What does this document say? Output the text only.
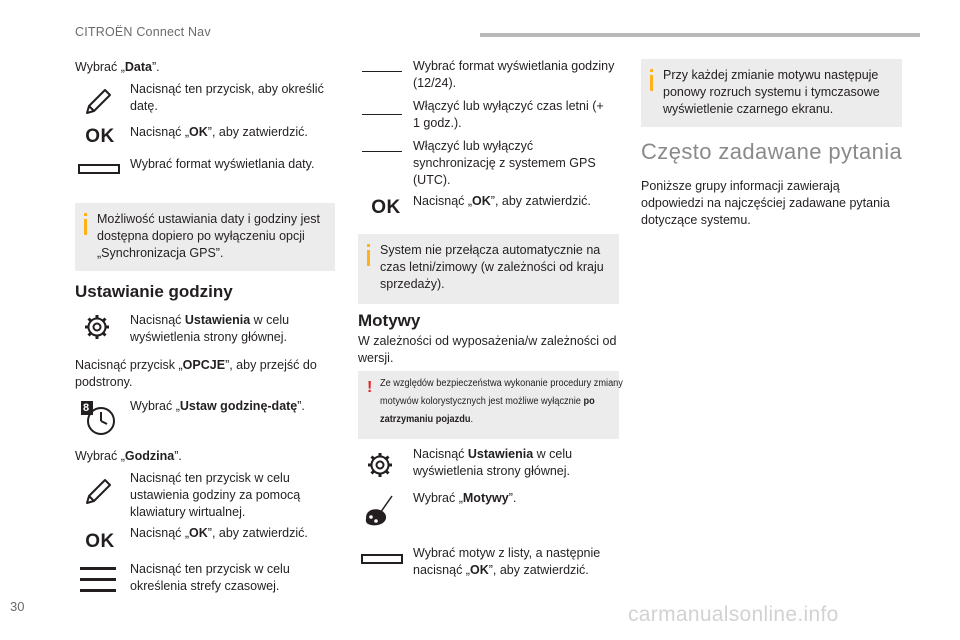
CITROËN Connect Nav
Wybrać „Data”.
Nacisnąć ten przycisk, aby określić datę.
OK	Nacisnąć „OK”, aby zatwierdzić.
Wybrać format wyświetlania daty.
Możliwość ustawiania daty i godziny jest dostępna dopiero po wyłączeniu opcji „Synchronizacja GPS”.
Ustawianie godziny
Nacisnąć Ustawienia w celu wyświetlenia strony głównej.
Nacisnąć przycisk „OPCJE”, aby przejść do podstrony.
8	Wybrać „Ustaw godzinę-datę”.
Wybrać „Godzina”.
Nacisnąć ten przycisk w celu ustawienia godziny za pomocą klawiatury wirtualnej.
OK	Nacisnąć „OK”, aby zatwierdzić.
Nacisnąć ten przycisk w celu określenia strefy czasowej.
Wybrać format wyświetlania godziny (12/24).
Włączyć lub wyłączyć czas letni (+ 1 godz.).
Włączyć lub wyłączyć synchronizację z systemem GPS (UTC).
OK Nacisnąć „OK”, aby zatwierdzić.
System nie przełącza automatycznie na czas letni/zimowy (w zależności od kraju sprzedaży).
Motywy
W zależności od wyposażenia/w zależności od wersji.
! Ze względów bezpieczeństwa wykonanie procedury zmiany motywów kolorystycznych jest możliwe wyłącznie po zatrzymaniu pojazdu.
Nacisnąć Ustawienia w celu wyświetlenia strony głównej.
Wybrać „Motywy”.
Wybrać motyw z listy, a następnie nacisnąć „OK”, aby zatwierdzić.
Przy każdej zmianie motywu następuje ponowy rozruch systemu i tymczasowe wyświetlenie czarnego ekranu.
Często zadawane pytania
Poniższe grupy informacji zawierają odpowiedzi na najczęściej zadawane pytania dotyczące systemu.
30	carmanualsonline.info
